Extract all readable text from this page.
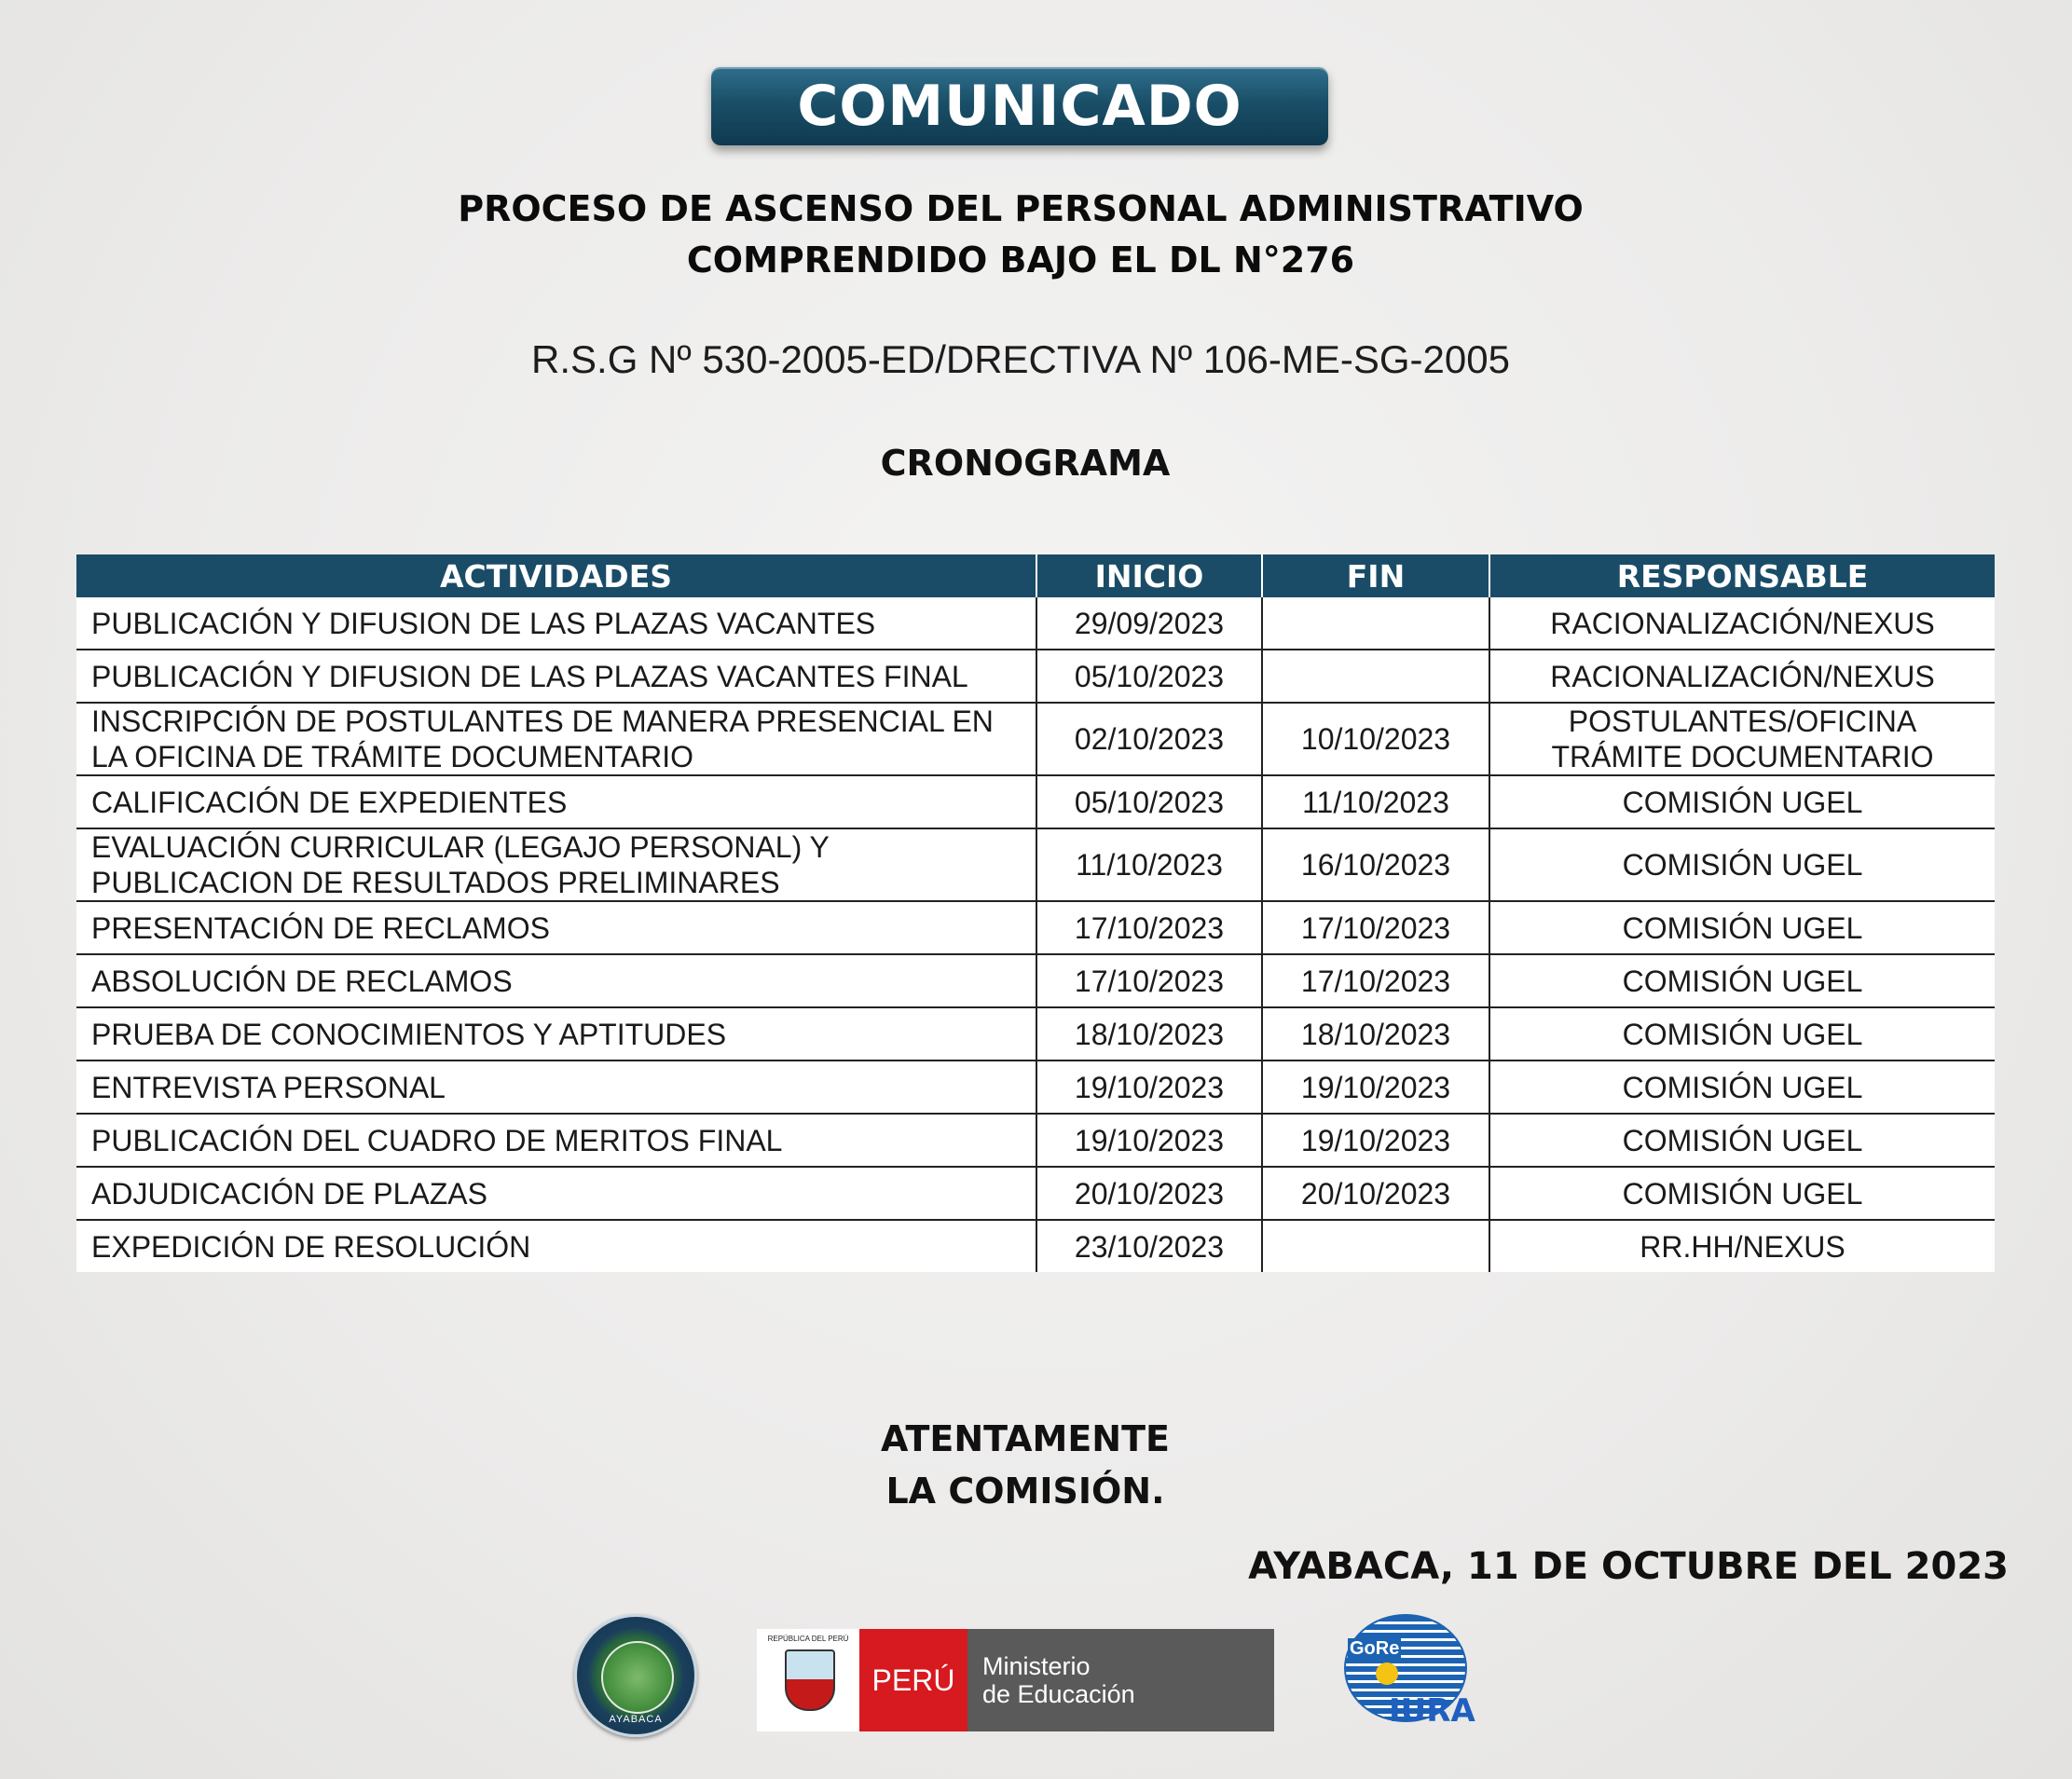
COMUNICADO
PROCESO DE ASCENSO DEL PERSONAL ADMINISTRATIVO
COMPRENDIDO BAJO EL DL N°276
R.S.G Nº 530-2005-ED/DRECTIVA Nº 106-ME-SG-2005
CRONOGRAMA
ACTIVIDADES	INICIO	FIN	RESPONSABLE
PUBLICACIÓN Y DIFUSION DE LAS PLAZAS VACANTES	29/09/2023		RACIONALIZACIÓN/NEXUS
PUBLICACIÓN Y DIFUSION DE LAS PLAZAS VACANTES FINAL	05/10/2023		RACIONALIZACIÓN/NEXUS
INSCRIPCIÓN DE POSTULANTES DE MANERA PRESENCIAL EN LA OFICINA DE TRÁMITE DOCUMENTARIO	02/10/2023	10/10/2023	POSTULANTES/OFICINA TRÁMITE DOCUMENTARIO
CALIFICACIÓN DE EXPEDIENTES	05/10/2023	11/10/2023	COMISIÓN UGEL
EVALUACIÓN CURRICULAR (LEGAJO PERSONAL) Y PUBLICACION DE RESULTADOS PRELIMINARES	11/10/2023	16/10/2023	COMISIÓN UGEL
PRESENTACIÓN DE RECLAMOS	17/10/2023	17/10/2023	COMISIÓN UGEL
ABSOLUCIÓN DE RECLAMOS	17/10/2023	17/10/2023	COMISIÓN UGEL
PRUEBA DE CONOCIMIENTOS Y APTITUDES	18/10/2023	18/10/2023	COMISIÓN UGEL
ENTREVISTA PERSONAL	19/10/2023	19/10/2023	COMISIÓN UGEL
PUBLICACIÓN DEL CUADRO DE MERITOS FINAL	19/10/2023	19/10/2023	COMISIÓN UGEL
ADJUDICACIÓN DE PLAZAS	20/10/2023	20/10/2023	COMISIÓN UGEL
EXPEDICIÓN DE RESOLUCIÓN	23/10/2023		RR.HH/NEXUS
ATENTAMENTE
LA COMISIÓN.
AYABACA, 11 DE OCTUBRE DEL 2023
AYABACA
REPÚBLICA DEL PERÚ
PERÚ	Ministerio
de Educación
GoRe
IURA
